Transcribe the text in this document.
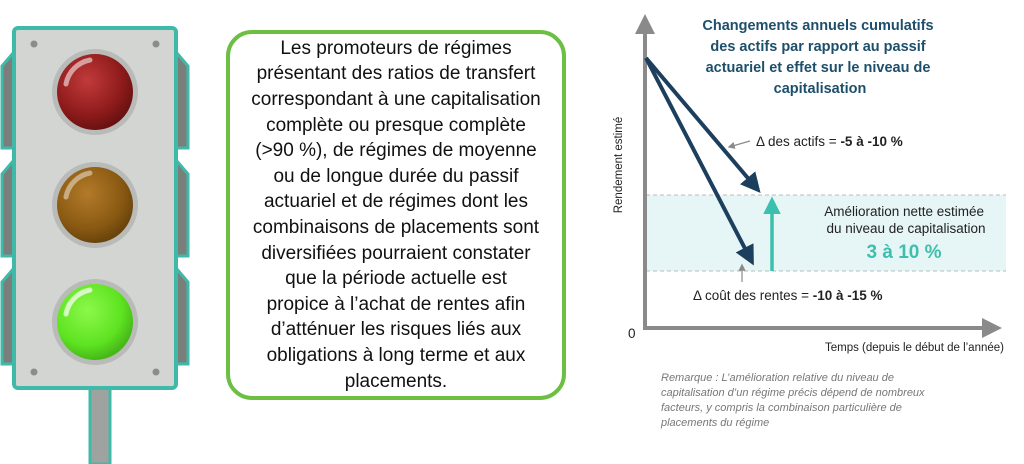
Les promoteurs de régimes
présentant des ratios de transfert
correspondant à une capitalisation
complète ou presque complète
(>90 %), de régimes de moyenne
ou de longue durée du passif
actuariel et de régimes dont les
combinaisons de placements sont
diversifiées pourraient constater
que la période actuelle est
propice à l’achat de rentes afin
d’atténuer les risques liés aux
obligations à long terme et aux
placements.

Changements annuels cumulatifs des actifs par rapport au passif actuariel et effet sur le niveau de capitalisation
0
Rendement estimé
Temps (depuis le début de l’année)
Δ des actifs = -5 à -10 %
Δ coût des rentes = -10 à -15 %
Amélioration nette estimée du niveau de capitalisation
3 à 10 %
Remarque : L’amélioration relative du niveau de capitalisation d’un régime précis dépend de nombreux facteurs, y compris la combinaison particulière de placements du régime
